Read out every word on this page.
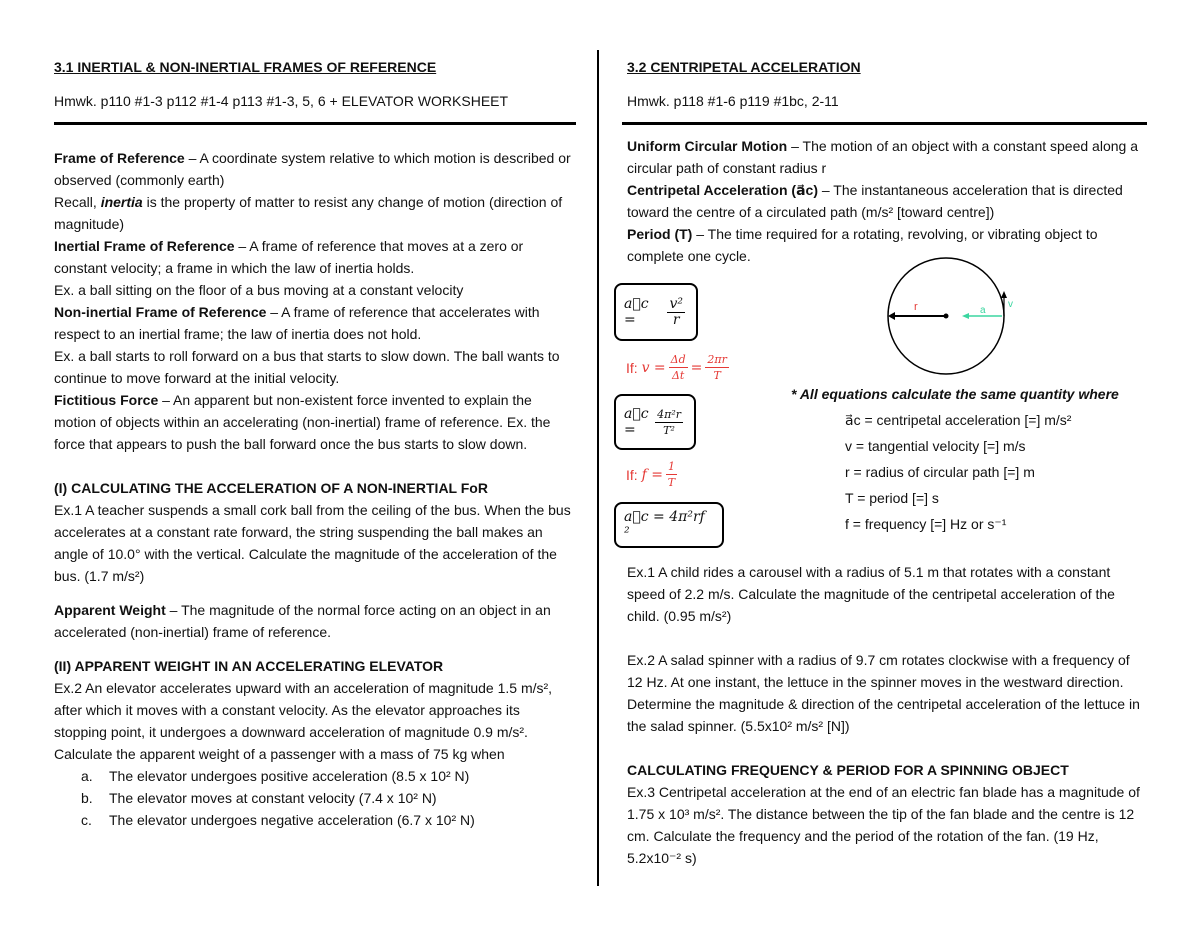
3.1 INERTIAL & NON-INERTIAL FRAMES OF REFERENCE
Hmwk. p110 #1-3 p112 #1-4 p113 #1-3, 5, 6 + ELEVATOR WORKSHEET

Frame of Reference – A coordinate system relative to which motion is described or observed (commonly earth)

Recall, inertia is the property of matter to resist any change of motion (direction of magnitude)

Inertial Frame of Reference – A frame of reference that moves at a zero or constant velocity; a frame in which the law of inertia holds.

Ex. a ball sitting on the floor of a bus moving at a constant velocity

Non-inertial Frame of Reference – A frame of reference that accelerates with respect to an inertial frame; the law of inertia does not hold.

Ex. a ball starts to roll forward on a bus that starts to slow down. The ball wants to continue to move forward at the initial velocity.

Fictitious Force – An apparent but non-existent force invented to explain the motion of objects within an accelerating (non-inertial) frame of reference. Ex. the force that appears to push the ball forward once the bus starts to slow down.

(I) CALCULATING THE ACCELERATION OF A NON-INERTIAL FoR

Ex.1 A teacher suspends a small cork ball from the ceiling of the bus. When the bus accelerates at a constant rate forward, the string suspending the ball makes an angle of 10.0° with the vertical. Calculate the magnitude of the acceleration of the bus. (1.7 m/s²)

Apparent Weight – The magnitude of the normal force acting on an object in an accelerated (non-inertial) frame of reference.

(II) APPARENT WEIGHT IN AN ACCELERATING ELEVATOR

Ex.2 An elevator accelerates upward with an acceleration of magnitude 1.5 m/s², after which it moves with a constant velocity. As the elevator approaches its stopping point, it undergoes a downward acceleration of magnitude 0.9 m/s². Calculate the apparent weight of a passenger with a mass of 75 kg when

a. The elevator undergoes positive acceleration (8.5 x 10² N)

b. The elevator moves at constant velocity (7.4 x 10² N)

c. The elevator undergoes negative acceleration (6.7 x 10² N)

3.2 CENTRIPETAL ACCELERATION
Hmwk. p118 #1-6 p119 #1bc, 2-11

Uniform Circular Motion – The motion of an object with a constant speed along a circular path of constant radius r

Centripetal Acceleration (a⃗c) – The instantaneous acceleration that is directed toward the centre of a circulated path (m/s² [toward centre])

Period (T) – The time required for a rotating, revolving, or vibrating object to complete one cycle.

a⃗c =	$\frac{\text{v²}}{r}$
If:
$v = \frac{\Delta d}{\Delta t} = \frac{2\pi r}{T}$
a⃗c =	$\frac{\text{4π²r}}{\text{T²}}$
If:
$f = \frac{1}{T}$
a⃗c = 4π²rf ²
r	a
v
* All equations calculate the same quantity where
a⃗c = centripetal acceleration [=] m/s²
v = tangential velocity [=] m/s
r = radius of circular path [=] m
T = period [=] s
f = frequency [=] Hz or s⁻¹

Ex.1 A child rides a carousel with a radius of 5.1 m that rotates with a constant speed of 2.2 m/s. Calculate the magnitude of the centripetal acceleration of the child. (0.95 m/s²)

Ex.2 A salad spinner with a radius of 9.7 cm rotates clockwise with a frequency of 12 Hz. At one instant, the lettuce in the spinner moves in the westward direction. Determine the magnitude & direction of the centripetal acceleration of the lettuce in the salad spinner. (5.5x10² m/s² [N])

CALCULATING FREQUENCY & PERIOD FOR A SPINNING OBJECT

Ex.3 Centripetal acceleration at the end of an electric fan blade has a magnitude of 1.75 x 10³ m/s². The distance between the tip of the fan blade and the centre is 12 cm. Calculate the frequency and the period of the rotation of the fan. (19 Hz, 5.2x10⁻² s)
